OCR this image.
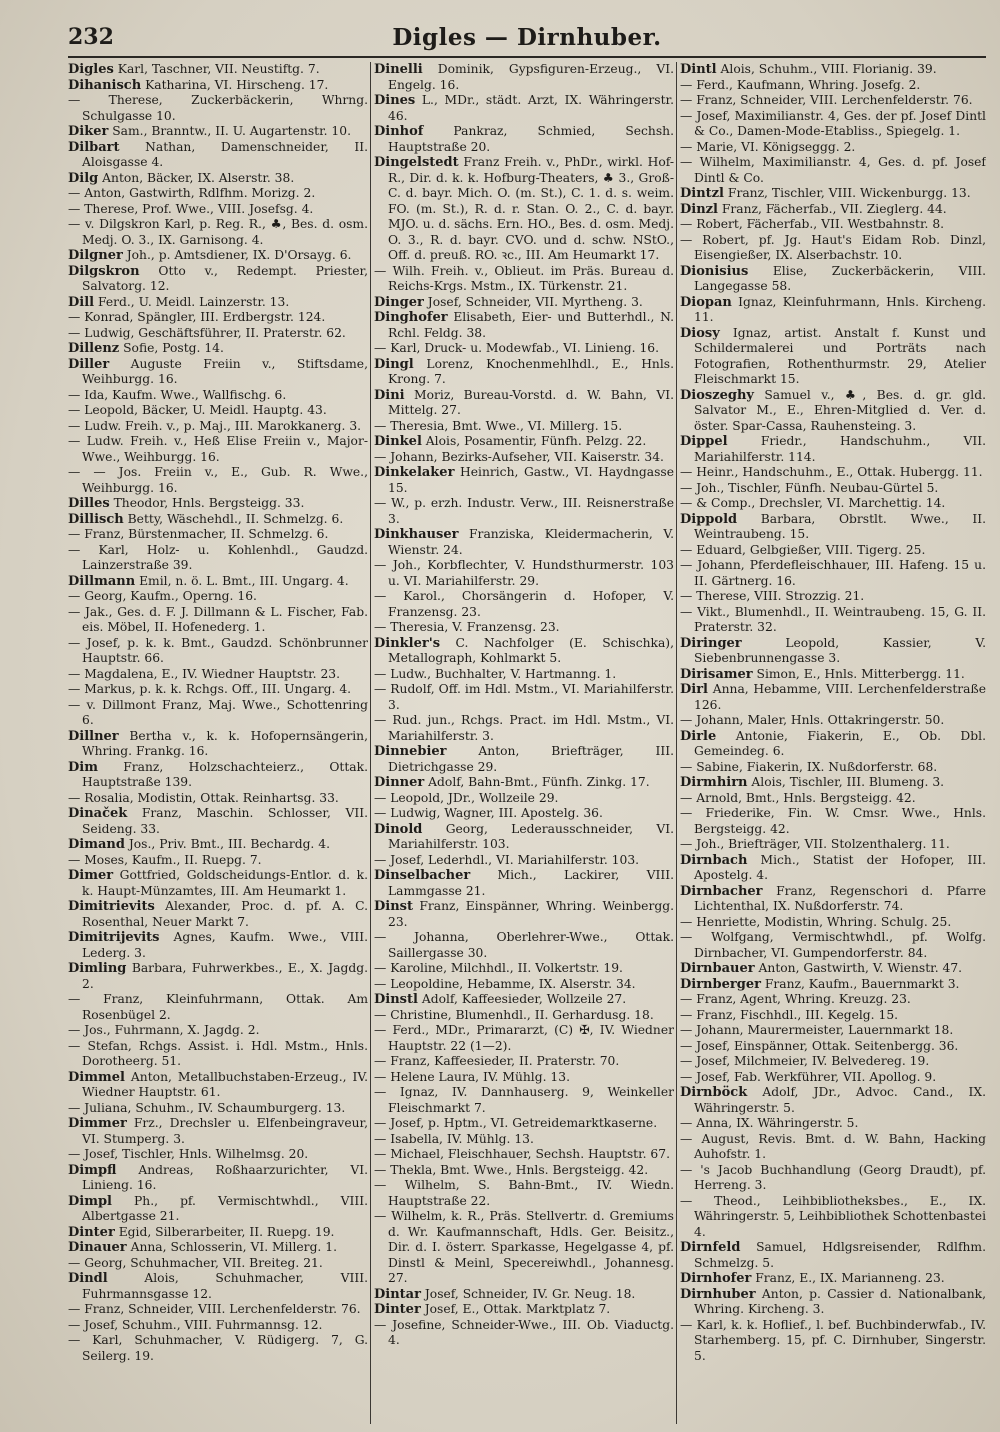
232	Digles — Dirnhuber.

Digles Karl, Taschner, VII. Neustiftg. 7.

Dihanisch Katharina, VI. Hirscheng. 17.

— Therese, Zuckerbäckerin, Whrng. Schulgasse 10.

Diker Sam., Branntw., II. U. Augartenstr. 10.

Dilbart Nathan, Damenschneider, II. Aloisgasse 4.

Dilg Anton, Bäcker, IX. Alserstr. 38.

— Anton, Gastwirth, Rdlfhm. Morizg. 2.

— Therese, Prof. Wwe., VIII. Josefsg. 4.

— v. Dilgskron Karl, p. Reg. R., ♣, Bes. d. osm. Medj. O. 3., IX. Garnisong. 4.

Dilgner Joh., p. Amtsdiener, IX. D'Orsayg. 6.

Dilgskron Otto v., Redempt. Priester, Salvatorg. 12.

Dill Ferd., U. Meidl. Lainzerstr. 13.

— Konrad, Spängler, III. Erdbergstr. 124.

— Ludwig, Geschäftsführer, II. Praterstr. 62.

Dillenz Sofie, Postg. 14.

Diller Auguste Freiin v., Stiftsdame, Weihburgg. 16.

— Ida, Kaufm. Wwe., Wallfischg. 6.

— Leopold, Bäcker, U. Meidl. Hauptg. 43.

— Ludw. Freih. v., p. Maj., III. Marokkanerg. 3.

— Ludw. Freih. v., Heß Elise Freiin v., Major-Wwe., Weihburgg. 16.

— — Jos. Freiin v., E., Gub. R. Wwe., Weihburgg. 16.

Dilles Theodor, Hnls. Bergsteigg. 33.

Dillisch Betty, Wäschehdl., II. Schmelzg. 6.

— Franz, Bürstenmacher, II. Schmelzg. 6.

— Karl, Holz- u. Kohlenhdl., Gaudzd. Lainzerstraße 39.

Dillmann Emil, n. ö. L. Bmt., III. Ungarg. 4.

— Georg, Kaufm., Operng. 16.

— Jak., Ges. d. F. J. Dillmann & L. Fischer, Fab. eis. Möbel, II. Hofenederg. 1.

— Josef, p. k. k. Bmt., Gaudzd. Schönbrunner Hauptstr. 66.

— Magdalena, E., IV. Wiedner Hauptstr. 23.

— Markus, p. k. k. Rchgs. Off., III. Ungarg. 4.

— v. Dillmont Franz, Maj. Wwe., Schottenring 6.

Dillner Bertha v., k. k. Hofopernsängerin, Whring. Frankg. 16.

Dim Franz, Holzschachteierz., Ottak. Hauptstraße 139.

— Rosalia, Modistin, Ottak. Reinhartsg. 33.

Dinaček Franz, Maschin. Schlosser, VII. Seideng. 33.

Dimand Jos., Priv. Bmt., III. Bechardg. 4.

— Moses, Kaufm., II. Ruepg. 7.

Dimer Gottfried, Goldscheidungs-Entlor. d. k. k. Haupt-Münzamtes, III. Am Heumarkt 1.

Dimitrievits Alexander, Proc. d. pf. A. C. Rosenthal, Neuer Markt 7.

Dimitrijevits Agnes, Kaufm. Wwe., VIII. Lederg. 3.

Dimling Barbara, Fuhrwerkbes., E., X. Jagdg. 2.

— Franz, Kleinfuhrmann, Ottak. Am Rosenbügel 2.

— Jos., Fuhrmann, X. Jagdg. 2.

— Stefan, Rchgs. Assist. i. Hdl. Mstm., Hnls. Dorotheerg. 51.

Dimmel Anton, Metallbuchstaben-Erzeug., IV. Wiedner Hauptstr. 61.

— Juliana, Schuhm., IV. Schaumburgerg. 13.

Dimmer Frz., Drechsler u. Elfenbeingraveur, VI. Stumperg. 3.

— Josef, Tischler, Hnls. Wilhelmsg. 20.

Dimpfl Andreas, Roßhaarzurichter, VI. Linieng. 16.

Dimpl Ph., pf. Vermischtwhdl., VIII. Albertgasse 21.

Dinter Egid, Silberarbeiter, II. Ruepg. 19.

Dinauer Anna, Schlosserin, VI. Millerg. 1.

— Georg, Schuhmacher, VII. Breiteg. 21.

Dindl Alois, Schuhmacher, VIII. Fuhrmannsgasse 12.

— Franz, Schneider, VIII. Lerchenfelderstr. 76.

— Josef, Schuhm., VIII. Fuhrmannsg. 12.

— Karl, Schuhmacher, V. Rüdigerg. 7, G. Seilerg. 19.

Dinelli Dominik, Gypsfiguren-Erzeug., VI. Engelg. 16.

Dines L., MDr., städt. Arzt, IX. Währingerstr. 46.

Dinhof Pankraz, Schmied, Sechsh. Hauptstraße 20.

Dingelstedt Franz Freih. v., PhDr., wirkl. Hof-R., Dir. d. k. k. Hofburg-Theaters, ♣ 3., Groß-C. d. bayr. Mich. O. (m. St.), C. 1. d. s. weim. FO. (m. St.), R. d. r. Stan. O. 2., C. d. bayr. MJO. u. d. sächs. Ern. HO., Bes. d. osm. Medj. O. 3., R. d. bayr. CVO. und d. schw. NStO., Off. d. preuß. RO. ꝛc., III. Am Heumarkt 17.

— Wilh. Freih. v., Oblieut. im Präs. Bureau d. Reichs-Krgs. Mstm., IX. Türkenstr. 21.

Dinger Josef, Schneider, VII. Myrtheng. 3.

Dinghofer Elisabeth, Eier- und Butterhdl., N. Rchl. Feldg. 38.

— Karl, Druck- u. Modewfab., VI. Linieng. 16.

Dingl Lorenz, Knochenmehlhdl., E., Hnls. Krong. 7.

Dini Moriz, Bureau-Vorstd. d. W. Bahn, VI. Mittelg. 27.

— Theresia, Bmt. Wwe., VI. Millerg. 15.

Dinkel Alois, Posamentir, Fünfh. Pelzg. 22.

— Johann, Bezirks-Aufseher, VII. Kaiserstr. 34.

Dinkelaker Heinrich, Gastw., VI. Haydngasse 15.

— W., p. erzh. Industr. Verw., III. Reisnerstraße 3.

Dinkhauser Franziska, Kleidermacherin, V. Wienstr. 24.

— Joh., Korbflechter, V. Hundsthurmerstr. 103 u. VI. Mariahilferstr. 29.

— Karol., Chorsängerin d. Hofoper, V. Franzensg. 23.

— Theresia, V. Franzensg. 23.

Dinkler's C. Nachfolger (E. Schischka), Metallograph, Kohlmarkt 5.

— Ludw., Buchhalter, V. Hartmanng. 1.

— Rudolf, Off. im Hdl. Mstm., VI. Mariahilferstr. 3.

— Rud. jun., Rchgs. Pract. im Hdl. Mstm., VI. Mariahilferstr. 3.

Dinnebier Anton, Briefträger, III. Dietrichgasse 29.

Dinner Adolf, Bahn-Bmt., Fünfh. Zinkg. 17.

— Leopold, JDr., Wollzeile 29.

— Ludwig, Wagner, III. Apostelg. 36.

Dinold Georg, Lederausschneider, VI. Mariahilferstr. 103.

— Josef, Lederhdl., VI. Mariahilferstr. 103.

Dinselbacher Mich., Lackirer, VIII. Lammgasse 21.

Dinst Franz, Einspänner, Whring. Weinbergg. 23.

— Johanna, Oberlehrer-Wwe., Ottak. Saillergasse 30.

— Karoline, Milchhdl., II. Volkertstr. 19.

— Leopoldine, Hebamme, IX. Alserstr. 34.

Dinstl Adolf, Kaffeesieder, Wollzeile 27.

— Christine, Blumenhdl., II. Gerhardusg. 18.

— Ferd., MDr., Primararzt, (C) ✠, IV. Wiedner Hauptstr. 22 (1—2).

— Franz, Kaffeesieder, II. Praterstr. 70.

— Helene Laura, IV. Mühlg. 13.

— Ignaz, IV. Dannhauserg. 9, Weinkeller Fleischmarkt 7.

— Josef, p. Hptm., VI. Getreidemarktkaserne.

— Isabella, IV. Mühlg. 13.

— Michael, Fleischhauer, Sechsh. Hauptstr. 67.

— Thekla, Bmt. Wwe., Hnls. Bergsteigg. 42.

— Wilhelm, S. Bahn-Bmt., IV. Wiedn. Hauptstraße 22.

— Wilhelm, k. R., Präs. Stellvertr. d. Gremiums d. Wr. Kaufmannschaft, Hdls. Ger. Beisitz., Dir. d. I. österr. Sparkasse, Hegelgasse 4, pf. Dinstl & Meinl, Specereiwhdl., Johannesg. 27.

Dintar Josef, Schneider, IV. Gr. Neug. 18.

Dinter Josef, E., Ottak. Marktplatz 7.

— Josefine, Schneider-Wwe., III. Ob. Viaductg. 4.

Dintl Alois, Schuhm., VIII. Florianig. 39.

— Ferd., Kaufmann, Whring. Josefg. 2.

— Franz, Schneider, VIII. Lerchenfelderstr. 76.

— Josef, Maximilianstr. 4, Ges. der pf. Josef Dintl & Co., Damen-Mode-Etabliss., Spiegelg. 1.

— Marie, VI. Königseggg. 2.

— Wilhelm, Maximilianstr. 4, Ges. d. pf. Josef Dintl & Co.

Dintzl Franz, Tischler, VIII. Wickenburgg. 13.

Dinzl Franz, Fächerfab., VII. Zieglerg. 44.

— Robert, Fächerfab., VII. Westbahnstr. 8.

— Robert, pf. Jg. Haut's Eidam Rob. Dinzl, Eisengießer, IX. Alserbachstr. 10.

Dionisius Elise, Zuckerbäckerin, VIII. Langegasse 58.

Diopan Ignaz, Kleinfuhrmann, Hnls. Kircheng. 11.

Diosy Ignaz, artist. Anstalt f. Kunst und Schildermalerei und Porträts nach Fotografien, Rothenthurmstr. 29, Atelier Fleischmarkt 15.

Dioszeghy Samuel v., ♣, Bes. d. gr. gld. Salvator M., E., Ehren-Mitglied d. Ver. d. öster. Spar-Cassa, Rauhensteing. 3.

Dippel Friedr., Handschuhm., VII. Mariahilferstr. 114.

— Heinr., Handschuhm., E., Ottak. Hubergg. 11.

— Joh., Tischler, Fünfh. Neubau-Gürtel 5.

— & Comp., Drechsler, VI. Marchettig. 14.

Dippold Barbara, Obrstlt. Wwe., II. Weintraubeng. 15.

— Eduard, Gelbgießer, VIII. Tigerg. 25.

— Johann, Pferdefleischhauer, III. Hafeng. 15 u. II. Gärtnerg. 16.

— Therese, VIII. Strozzig. 21.

— Vikt., Blumenhdl., II. Weintraubeng. 15, G. II. Praterstr. 32.

Diringer Leopold, Kassier, V. Siebenbrunnengasse 3.

Dirisamer Simon, E., Hnls. Mitterbergg. 11.

Dirl Anna, Hebamme, VIII. Lerchenfelderstraße 126.

— Johann, Maler, Hnls. Ottakringerstr. 50.

Dirle Antonie, Fiakerin, E., Ob. Dbl. Gemeindeg. 6.

— Sabine, Fiakerin, IX. Nußdorferstr. 68.

Dirmhirn Alois, Tischler, III. Blumeng. 3.

— Arnold, Bmt., Hnls. Bergsteigg. 42.

— Friederike, Fin. W. Cmsr. Wwe., Hnls. Bergsteigg. 42.

— Joh., Briefträger, VII. Stolzenthalerg. 11.

Dirnbach Mich., Statist der Hofoper, III. Apostelg. 4.

Dirnbacher Franz, Regenschori d. Pfarre Lichtenthal, IX. Nußdorferstr. 74.

— Henriette, Modistin, Whring. Schulg. 25.

— Wolfgang, Vermischtwhdl., pf. Wolfg. Dirnbacher, VI. Gumpendorferstr. 84.

Dirnbauer Anton, Gastwirth, V. Wienstr. 47.

Dirnberger Franz, Kaufm., Bauernmarkt 3.

— Franz, Agent, Whring. Kreuzg. 23.

— Franz, Fischhdl., III. Kegelg. 15.

— Johann, Maurermeister, Lauernmarkt 18.

— Josef, Einspänner, Ottak. Seitenbergg. 36.

— Josef, Milchmeier, IV. Belvedereg. 19.

— Josef, Fab. Werkführer, VII. Apollog. 9.

Dirnböck Adolf, JDr., Advoc. Cand., IX. Währingerstr. 5.

— Anna, IX. Währingerstr. 5.

— August, Revis. Bmt. d. W. Bahn, Hacking Auhofstr. 1.

— 's Jacob Buchhandlung (Georg Draudt), pf. Herreng. 3.

— Theod., Leihbibliotheksbes., E., IX. Währingerstr. 5, Leihbibliothek Schottenbastei 4.

Dirnfeld Samuel, Hdlgsreisender, Rdlfhm. Schmelzg. 5.

Dirnhofer Franz, E., IX. Marianneng. 23.

Dirnhuber Anton, p. Cassier d. Nationalbank, Whring. Kircheng. 3.

— Karl, k. k. Hoflief., l. bef. Buchbinderwfab., IV. Starhemberg. 15, pf. C. Dirnhuber, Singerstr. 5.
